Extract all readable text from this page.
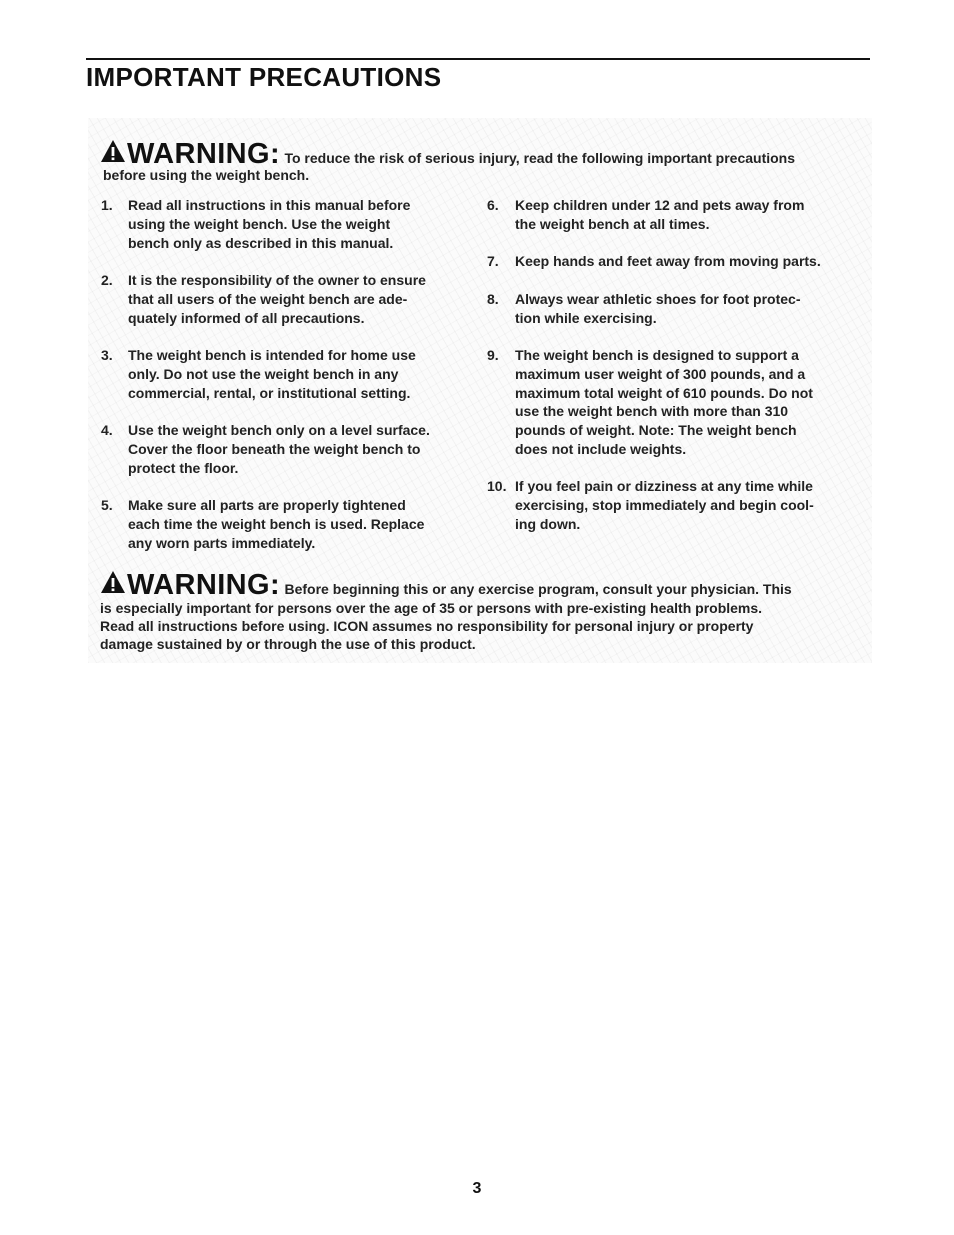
IMPORTANT PRECAUTIONS
WARNING: To reduce the risk of serious injury, read the following important precautions
before using the weight bench.
1. Read all instructions in this manual before
using the weight bench. Use the weight
bench only as described in this manual.
2. It is the responsibility of the owner to ensure
that all users of the weight bench are ade-
quately informed of all precautions.
3. The weight bench is intended for home use
only. Do not use the weight bench in any
commercial, rental, or institutional setting.
4. Use the weight bench only on a level surface.
Cover the floor beneath the weight bench to
protect the floor.
5. Make sure all parts are properly tightened
each time the weight bench is used. Replace
any worn parts immediately.
6. Keep children under 12 and pets away from
the weight bench at all times.
7. Keep hands and feet away from moving parts.
8. Always wear athletic shoes for foot protec-
tion while exercising.
9. The weight bench is designed to support a
maximum user weight of 300 pounds, and a
maximum total weight of 610 pounds. Do not
use the weight bench with more than 310
pounds of weight. Note: The weight bench
does not include weights.
10. If you feel pain or dizziness at any time while
exercising, stop immediately and begin cool-
ing down.
WARNING: Before beginning this or any exercise program, consult your physician. This
is especially important for persons over the age of 35 or persons with pre-existing health problems.
Read all instructions before using. ICON assumes no responsibility for personal injury or property
damage sustained by or through the use of this product.
3
